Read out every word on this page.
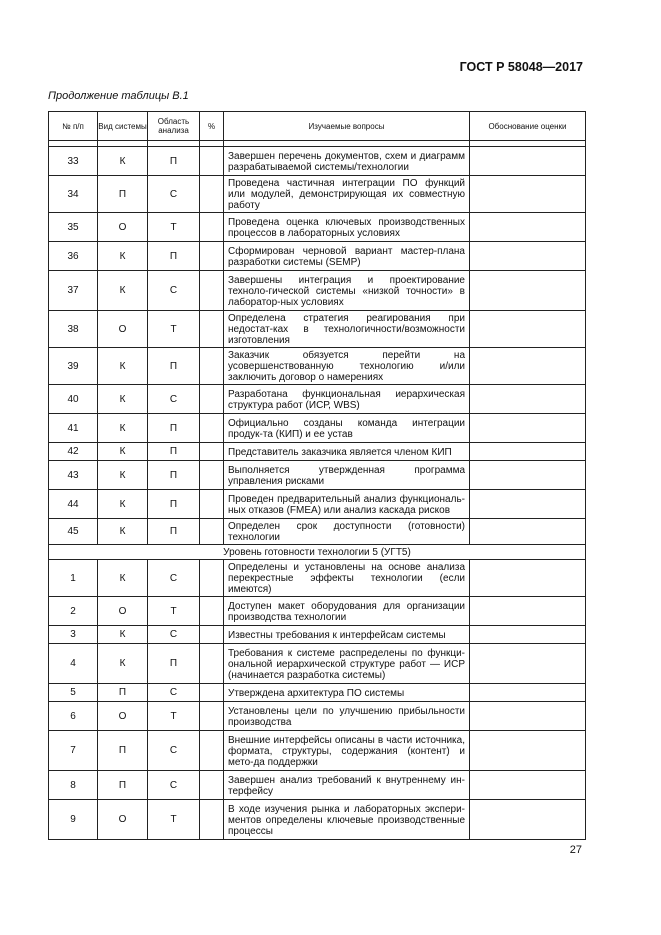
ГОСТ Р 58048—2017
Продолжение таблицы В.1
№ п/п	Вид системы	Область анализа	%	Изучаемые вопросы	Обоснование оценки

33	К	П		Завершен перечень документов, схем и диаграмм разрабатываемой системы/технологии	
34	П	С		Проведена частичная интеграции ПО функций или модулей, демонстрирующая их совместную работу	
35	О	Т		Проведена оценка ключевых производственных процессов в лабораторных условиях	
36	К	П		Сформирован черновой вариант мастер-плана разработки системы (SEMP)	
37	К	С		Завершены интеграция и проектирование техноло-гической системы «низкой точности» в лаборатор-ных условиях	
38	О	Т		Определена стратегия реагирования при недостат-ках в технологичности/возможности изготовления	
39	К	П		Заказчик обязуется перейти на усовершенствованную технологию и/или заключить договор о намерениях	
40	К	С		Разработана функциональная иерархическая структура работ (ИСР, WBS)	
41	К	П		Официально созданы команда интеграции продук-та (КИП) и ее устав	
42	К	П		Представитель заказчика является членом КИП	
43	К	П		Выполняется утвержденная программа управления рисками	
44	К	П		Проведен предварительный анализ функциональ-ных отказов (FMEA) или анализ каскада рисков	
45	К	П		Определен срок доступности (готовности) технологии	
Уровень готовности технологии 5 (УГТ5)					
1	К	С		Определены и установлены на основе анализа перекрестные эффекты технологии (если имеются)	
2	О	Т		Доступен макет оборудования для организации производства технологии	
3	К	С		Известны требования к интерфейсам системы	
4	К	П		Требования к системе распределены по функци-ональной иерархической структуре работ — ИСР (начинается разработка системы)	
5	П	С		Утверждена архитектура ПО системы	
6	О	Т		Установлены цели по улучшению прибыльности производства	
7	П	С		Внешние интерфейсы описаны в части источника, формата, структуры, содержания (контент) и мето-да поддержки	
8	П	С		Завершен анализ требований к внутреннему ин-терфейсу	
9	О	Т		В ходе изучения рынка и лабораторных экспери-ментов определены ключевые производственные процессы	
27
